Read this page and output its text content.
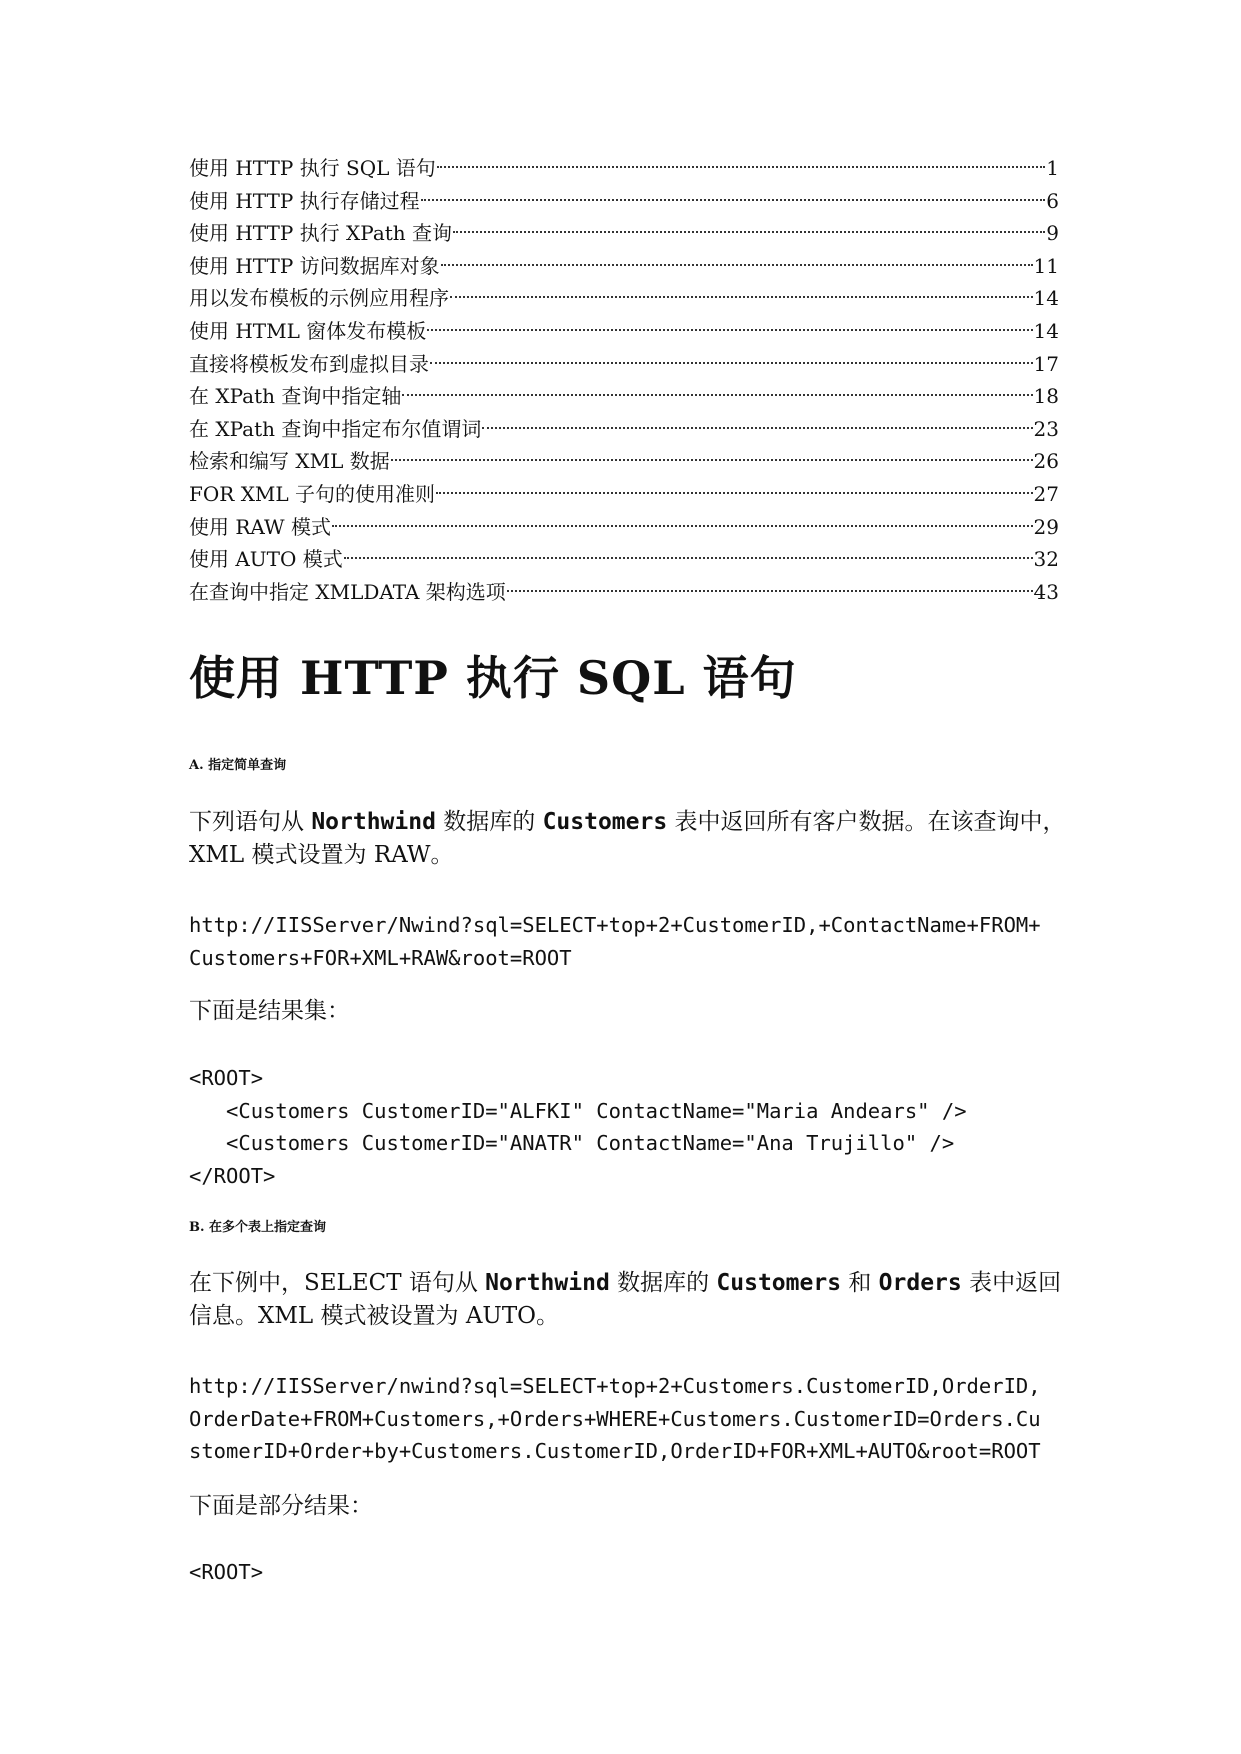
使用 HTTP 执行 SQL 语句	1
使用 HTTP 执行存储过程	6
使用 HTTP 执行 XPath 查询	9
使用 HTTP 访问数据库对象	11
用以发布模板的示例应用程序	14
使用 HTML 窗体发布模板	14
直接将模板发布到虚拟目录	17
在 XPath 查询中指定轴	18
在 XPath 查询中指定布尔值谓词	23
检索和编写 XML 数据	26
FOR XML 子句的使用准则	27
使用 RAW 模式	29
使用 AUTO 模式	32
在查询中指定 XMLDATA 架构选项	43
使用 HTTP 执行 SQL 语句

A. 指定简单查询

下列语句从 Northwind 数据库的 Customers 表中返回所有客户数据。在该查询中，XML 模式设置为 RAW。

http://IISServer/Nwind?sql=SELECT+top+2+CustomerID,+ContactName+FROM+
Customers+FOR+XML+RAW&root=ROOT

下面是结果集：

<ROOT>
<Customers CustomerID="ALFKI" ContactName="Maria Andears" />
<Customers CustomerID="ANATR" ContactName="Ana Trujillo" />
</ROOT>

B. 在多个表上指定查询

在下例中，SELECT 语句从 Northwind 数据库的 Customers 和 Orders 表中返回信息。XML 模式被设置为 AUTO。

http://IISServer/nwind?sql=SELECT+top+2+Customers.CustomerID,OrderID,
OrderDate+FROM+Customers,+Orders+WHERE+Customers.CustomerID=Orders.Cu
stomerID+Order+by+Customers.CustomerID,OrderID+FOR+XML+AUTO&root=ROOT

下面是部分结果：

<ROOT>
